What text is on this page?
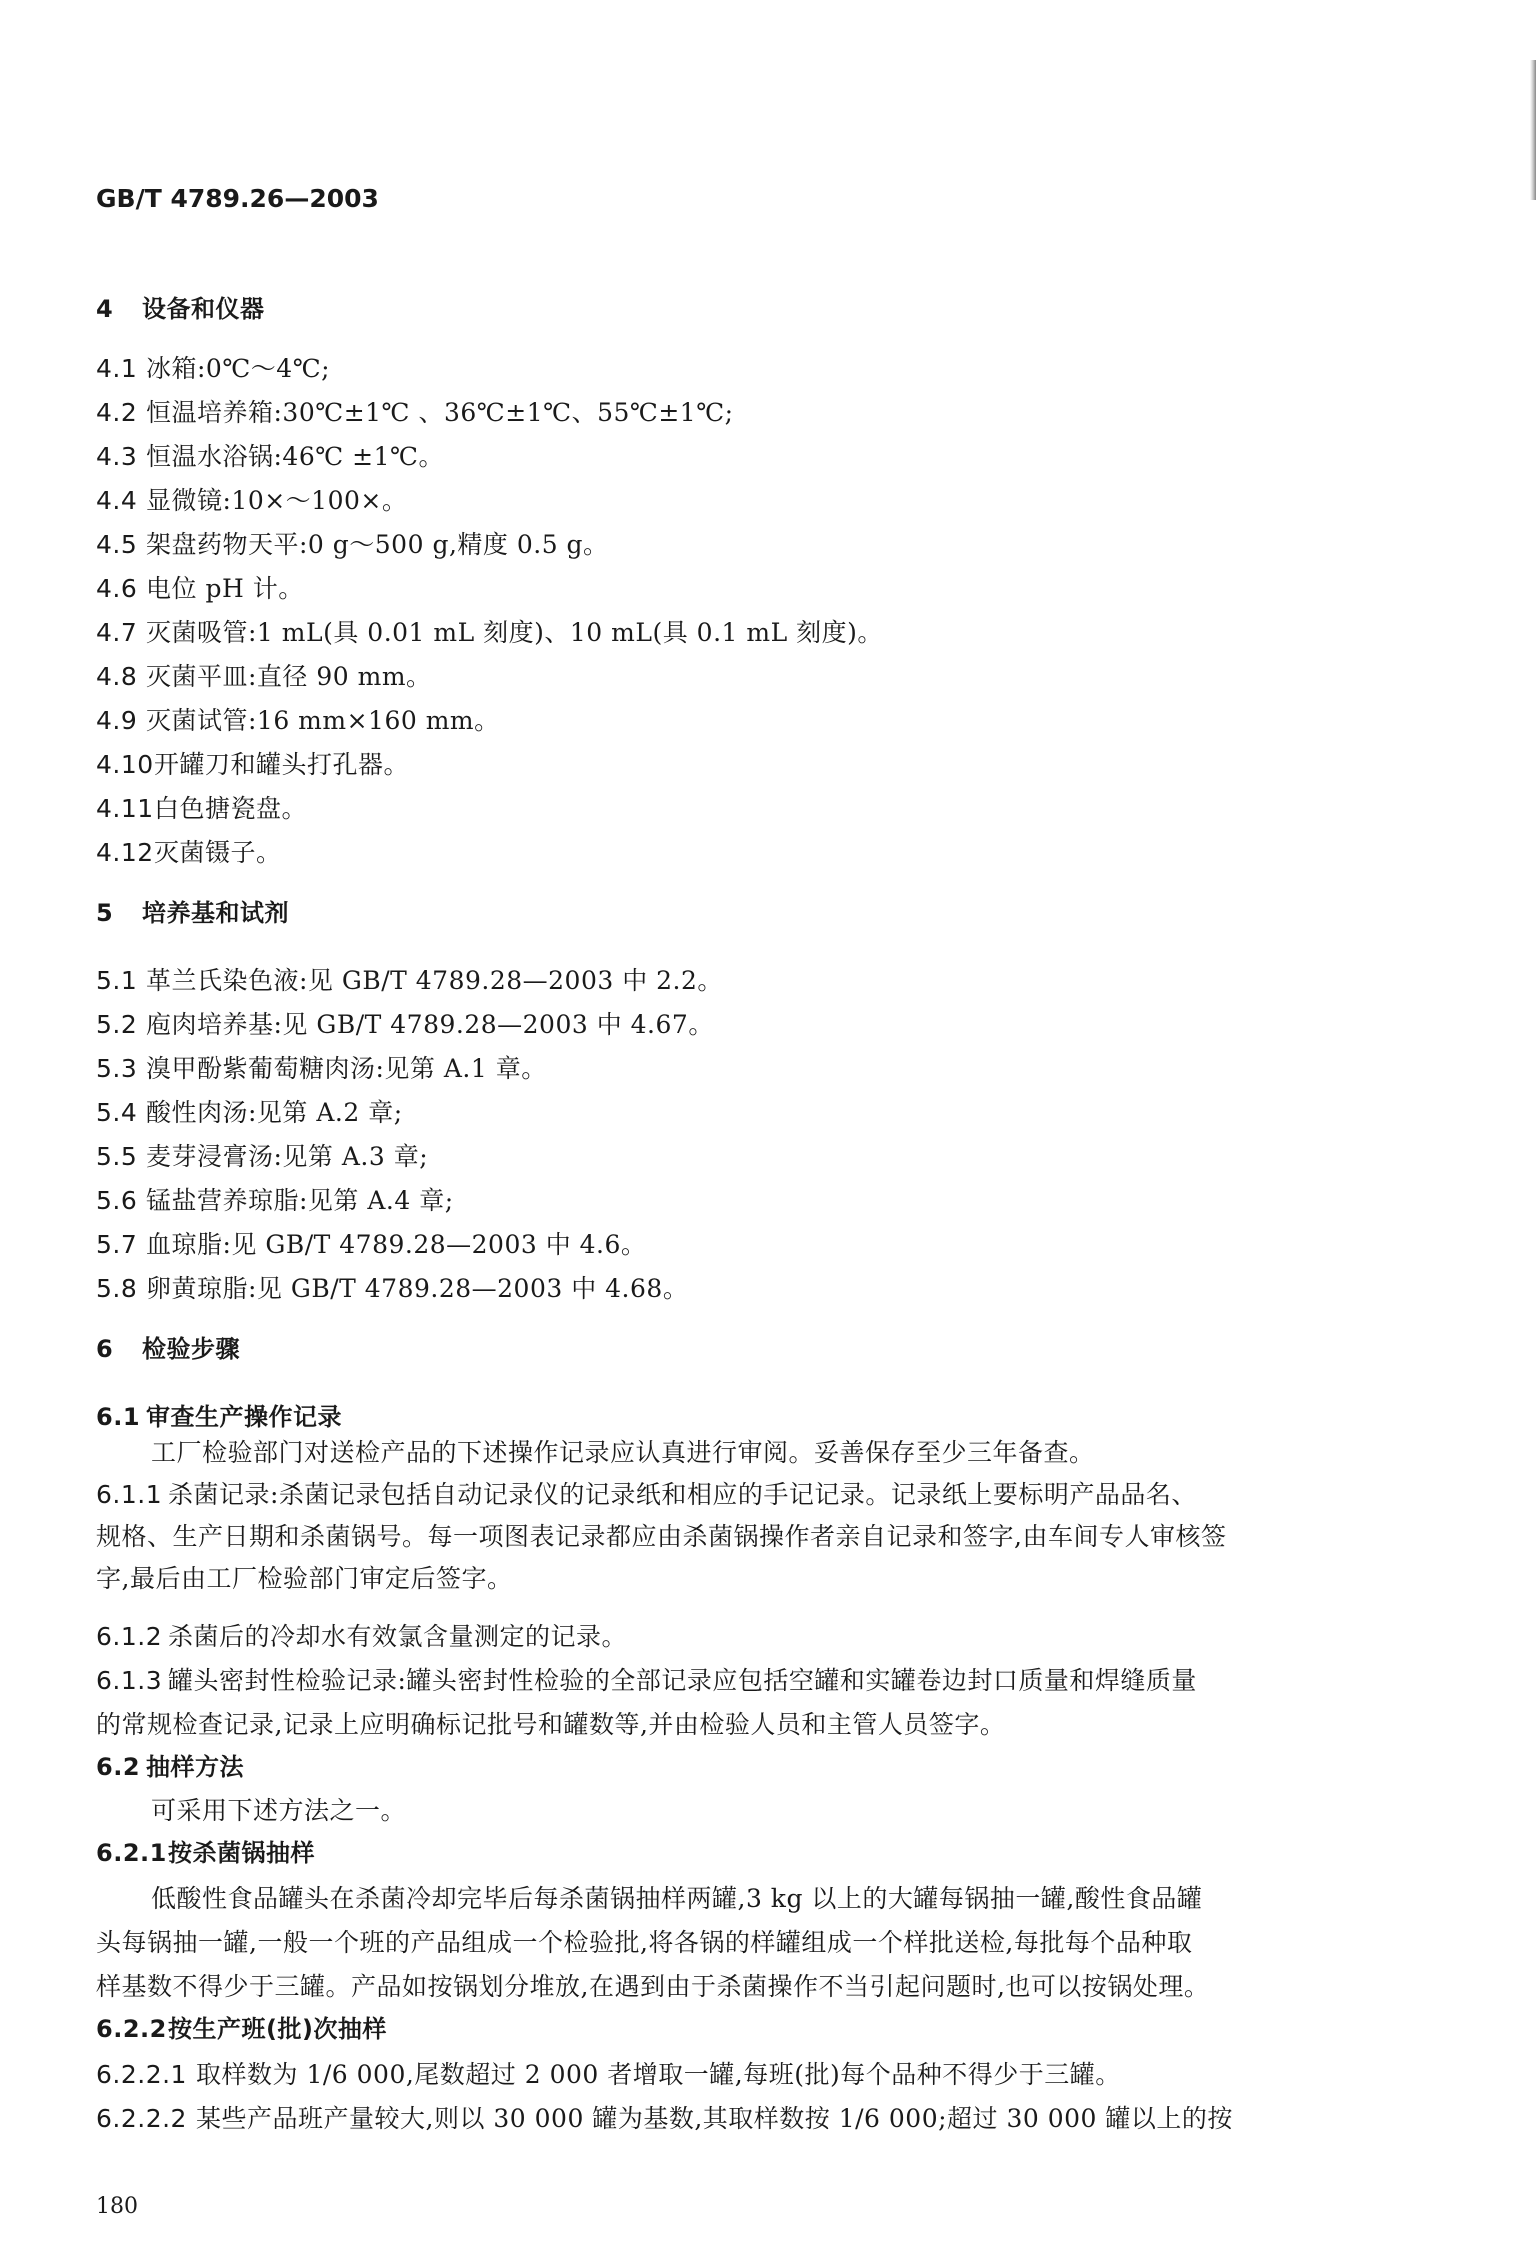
GB/T 4789.26—2003
4 设备和仪器
4.1 冰箱:0℃～4℃;
4.2 恒温培养箱:30℃±1℃ 、36℃±1℃、55℃±1℃;
4.3 恒温水浴锅:46℃ ±1℃。
4.4 显微镜:10×～100×。
4.5 架盘药物天平:0 g～500 g,精度 0.5 g。
4.6 电位 pH 计。
4.7 灭菌吸管:1 mL(具 0.01 mL 刻度)、10 mL(具 0.1 mL 刻度)。
4.8 灭菌平皿:直径 90 mm。
4.9 灭菌试管:16 mm×160 mm。
4.10开罐刀和罐头打孔器。
4.11白色搪瓷盘。
4.12灭菌镊子。
5 培养基和试剂
5.1 革兰氏染色液:见 GB/T 4789.28—2003 中 2.2。
5.2 庖肉培养基:见 GB/T 4789.28—2003 中 4.67。
5.3 溴甲酚紫葡萄糖肉汤:见第 A.1 章。
5.4 酸性肉汤:见第 A.2 章;
5.5 麦芽浸膏汤:见第 A.3 章;
5.6 锰盐营养琼脂:见第 A.4 章;
5.7 血琼脂:见 GB/T 4789.28—2003 中 4.6。
5.8 卵黄琼脂:见 GB/T 4789.28—2003 中 4.68。
6 检验步骤
6.1 审查生产操作记录
工厂检验部门对送检产品的下述操作记录应认真进行审阅。妥善保存至少三年备查。
6.1.1 杀菌记录:杀菌记录包括自动记录仪的记录纸和相应的手记记录。记录纸上要标明产品品名、
规格、生产日期和杀菌锅号。每一项图表记录都应由杀菌锅操作者亲自记录和签字,由车间专人审核签
字,最后由工厂检验部门审定后签字。
6.1.2 杀菌后的冷却水有效氯含量测定的记录。
6.1.3 罐头密封性检验记录:罐头密封性检验的全部记录应包括空罐和实罐卷边封口质量和焊缝质量
的常规检查记录,记录上应明确标记批号和罐数等,并由检验人员和主管人员签字。
6.2 抽样方法
可采用下述方法之一。
6.2.1按杀菌锅抽样
低酸性食品罐头在杀菌冷却完毕后每杀菌锅抽样两罐,3 kg 以上的大罐每锅抽一罐,酸性食品罐
头每锅抽一罐,一般一个班的产品组成一个检验批,将各锅的样罐组成一个样批送检,每批每个品种取
样基数不得少于三罐。产品如按锅划分堆放,在遇到由于杀菌操作不当引起问题时,也可以按锅处理。
6.2.2按生产班(批)次抽样
6.2.2.1 取样数为 1/6 000,尾数超过 2 000 者增取一罐,每班(批)每个品种不得少于三罐。
6.2.2.2 某些产品班产量较大,则以 30 000 罐为基数,其取样数按 1/6 000;超过 30 000 罐以上的按
180
